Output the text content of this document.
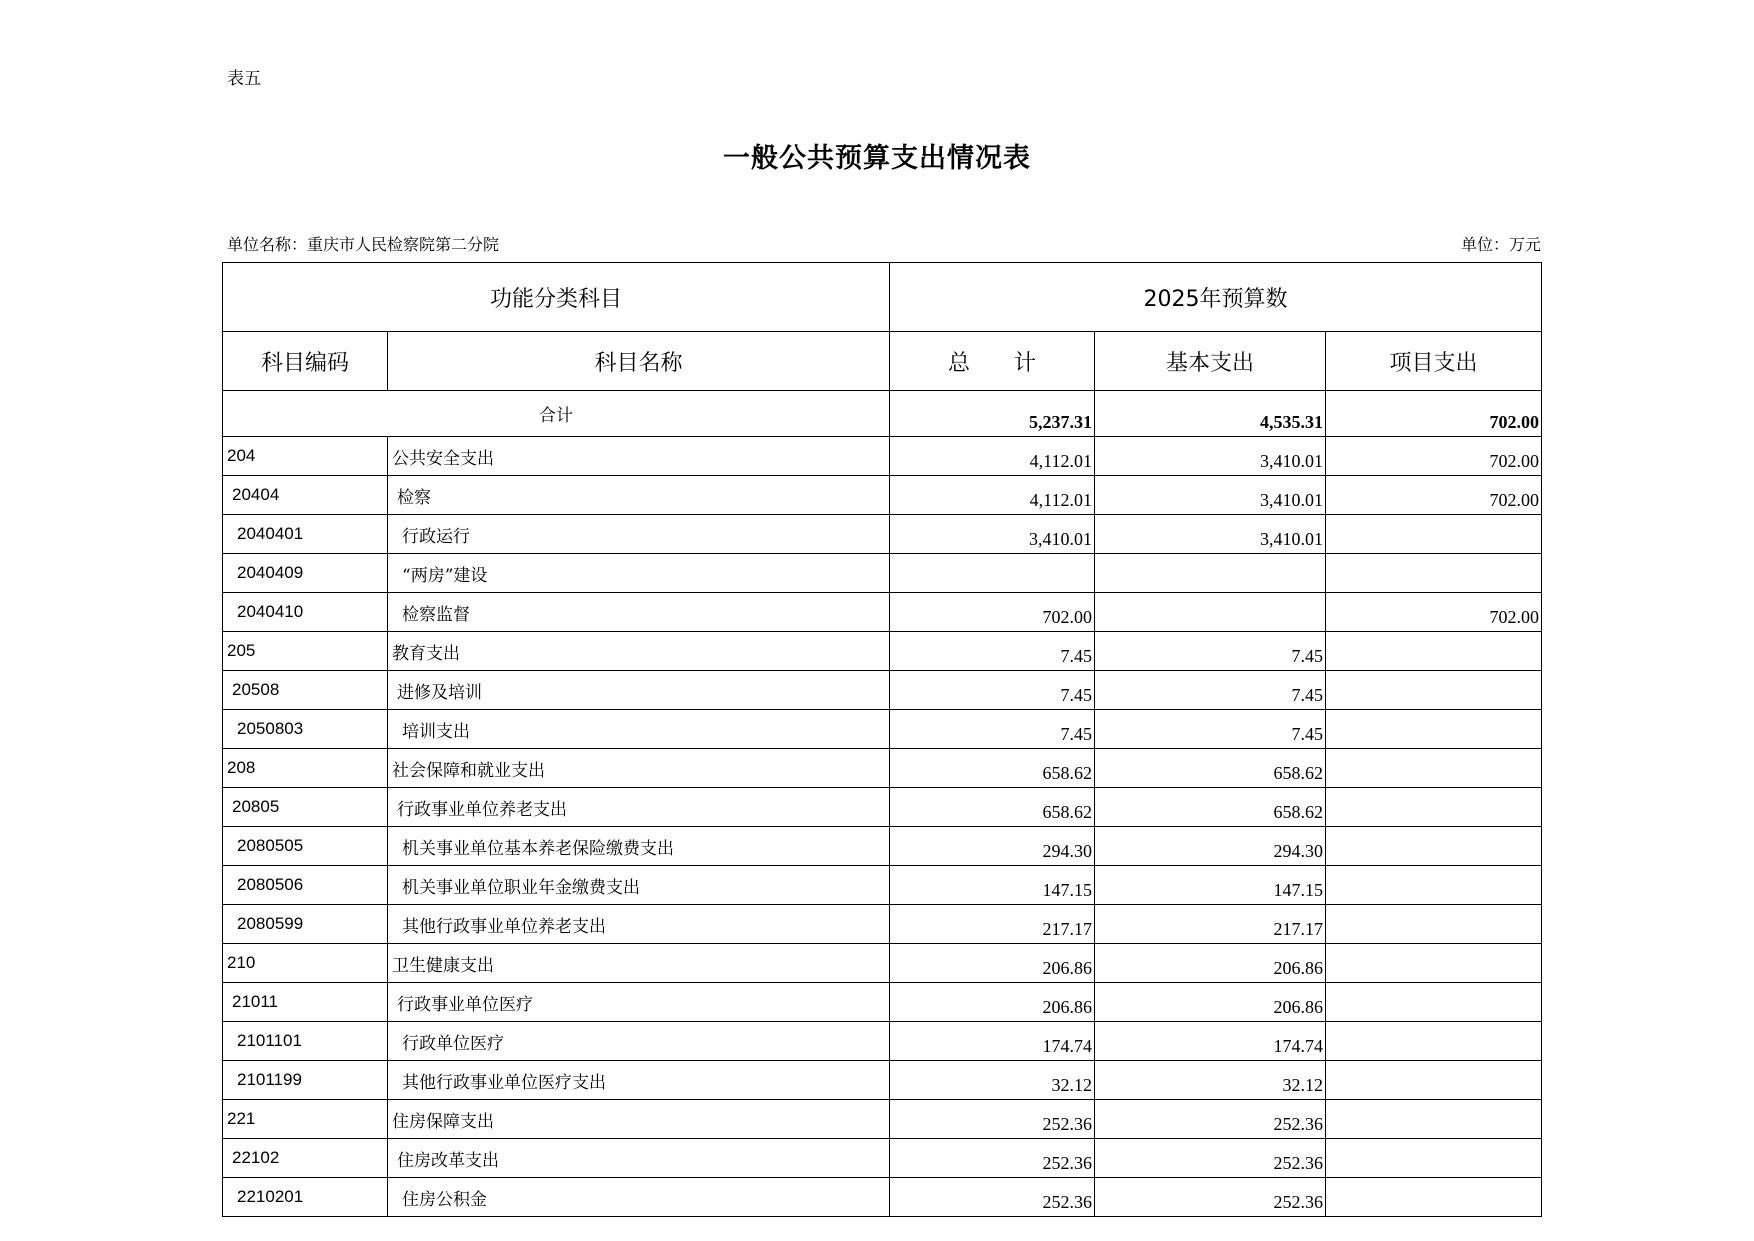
表五
一般公共预算支出情况表
单位名称：重庆市人民检察院第二分院	单位：万元
功能分类科目		2025年预算数		
科目编码	科目名称	总　　计	基本支出	项目支出
合计		5,237.31	4,535.31	702.00
204	公共安全支出	4,112.01	3,410.01	702.00
20404	检察	4,112.01	3,410.01	702.00
2040401	行政运行	3,410.01	3,410.01	
2040409	“两房”建设			
2040410	检察监督	702.00		702.00
205	教育支出	7.45	7.45	
20508	进修及培训	7.45	7.45	
2050803	培训支出	7.45	7.45	
208	社会保障和就业支出	658.62	658.62	
20805	行政事业单位养老支出	658.62	658.62	
2080505	机关事业单位基本养老保险缴费支出	294.30	294.30	
2080506	机关事业单位职业年金缴费支出	147.15	147.15	
2080599	其他行政事业单位养老支出	217.17	217.17	
210	卫生健康支出	206.86	206.86	
21011	行政事业单位医疗	206.86	206.86	
2101101	行政单位医疗	174.74	174.74	
2101199	其他行政事业单位医疗支出	32.12	32.12	
221	住房保障支出	252.36	252.36	
22102	住房改革支出	252.36	252.36	
2210201	住房公积金	252.36	252.36	
